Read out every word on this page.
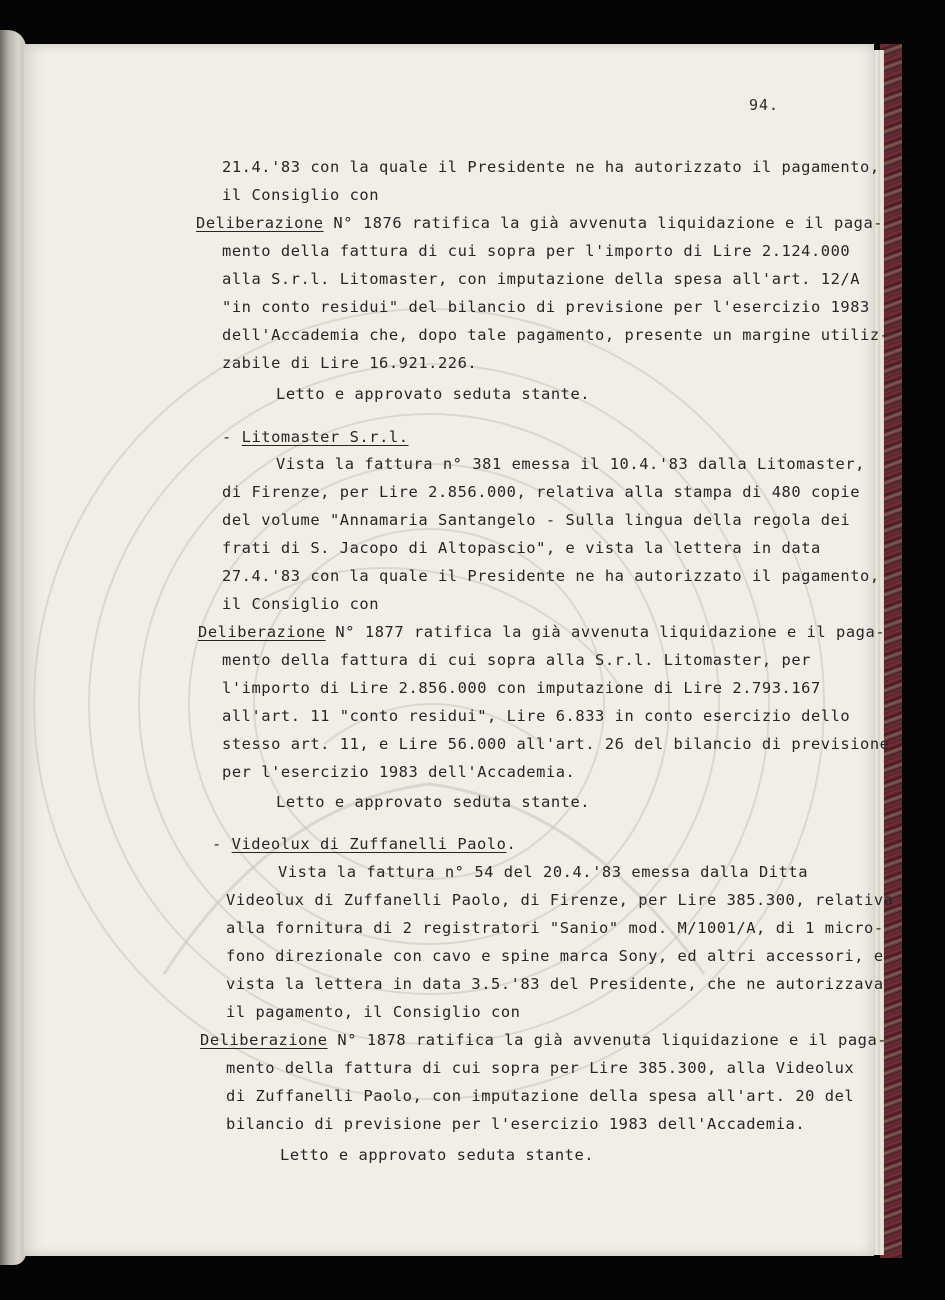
94.
21.4.'83 con la quale il Presidente ne ha autorizzato il pagamento,
il Consiglio con
Deliberazione N° 1876 ratifica la già avvenuta liquidazione e il paga-
mento della fattura di cui sopra per l'importo di Lire 2.124.000
alla S.r.l. Litomaster, con imputazione della spesa all'art. 12/A
"in conto residui" del bilancio di previsione per l'esercizio 1983
dell'Accademia che, dopo tale pagamento, presente un margine utiliz-
zabile di Lire 16.921.226.
Letto e approvato seduta stante.
- Litomaster S.r.l.
Vista la fattura n° 381 emessa il 10.4.'83 dalla Litomaster,
di Firenze, per Lire 2.856.000, relativa alla stampa di 480 copie
del volume "Annamaria Santangelo - Sulla lingua della regola dei
frati di S. Jacopo di Altopascio", e vista la lettera in data
27.4.'83 con la quale il Presidente ne ha autorizzato il pagamento,
il Consiglio con
Deliberazione N° 1877 ratifica la già avvenuta liquidazione e il paga-
mento della fattura di cui sopra alla S.r.l. Litomaster, per
l'importo di Lire 2.856.000 con imputazione di Lire 2.793.167
all'art. 11 "conto residui", Lire 6.833 in conto esercizio dello
stesso art. 11, e Lire 56.000 all'art. 26 del bilancio di previsione
per l'esercizio 1983 dell'Accademia.
Letto e approvato seduta stante.
- Videolux di Zuffanelli Paolo.
Vista la fattura n° 54 del 20.4.'83 emessa dalla Ditta
Videolux di Zuffanelli Paolo, di Firenze, per Lire 385.300, relativa
alla fornitura di 2 registratori "Sanio" mod. M/1001/A, di 1 micro-
fono direzionale con cavo e spine marca Sony, ed altri accessori, e
vista la lettera in data 3.5.'83 del Presidente, che ne autorizzava
il pagamento, il Consiglio con
Deliberazione N° 1878 ratifica la già avvenuta liquidazione e il paga-
mento della fattura di cui sopra per Lire 385.300, alla Videolux
di Zuffanelli Paolo, con imputazione della spesa all'art. 20 del
bilancio di previsione per l'esercizio 1983 dell'Accademia.
Letto e approvato seduta stante.
